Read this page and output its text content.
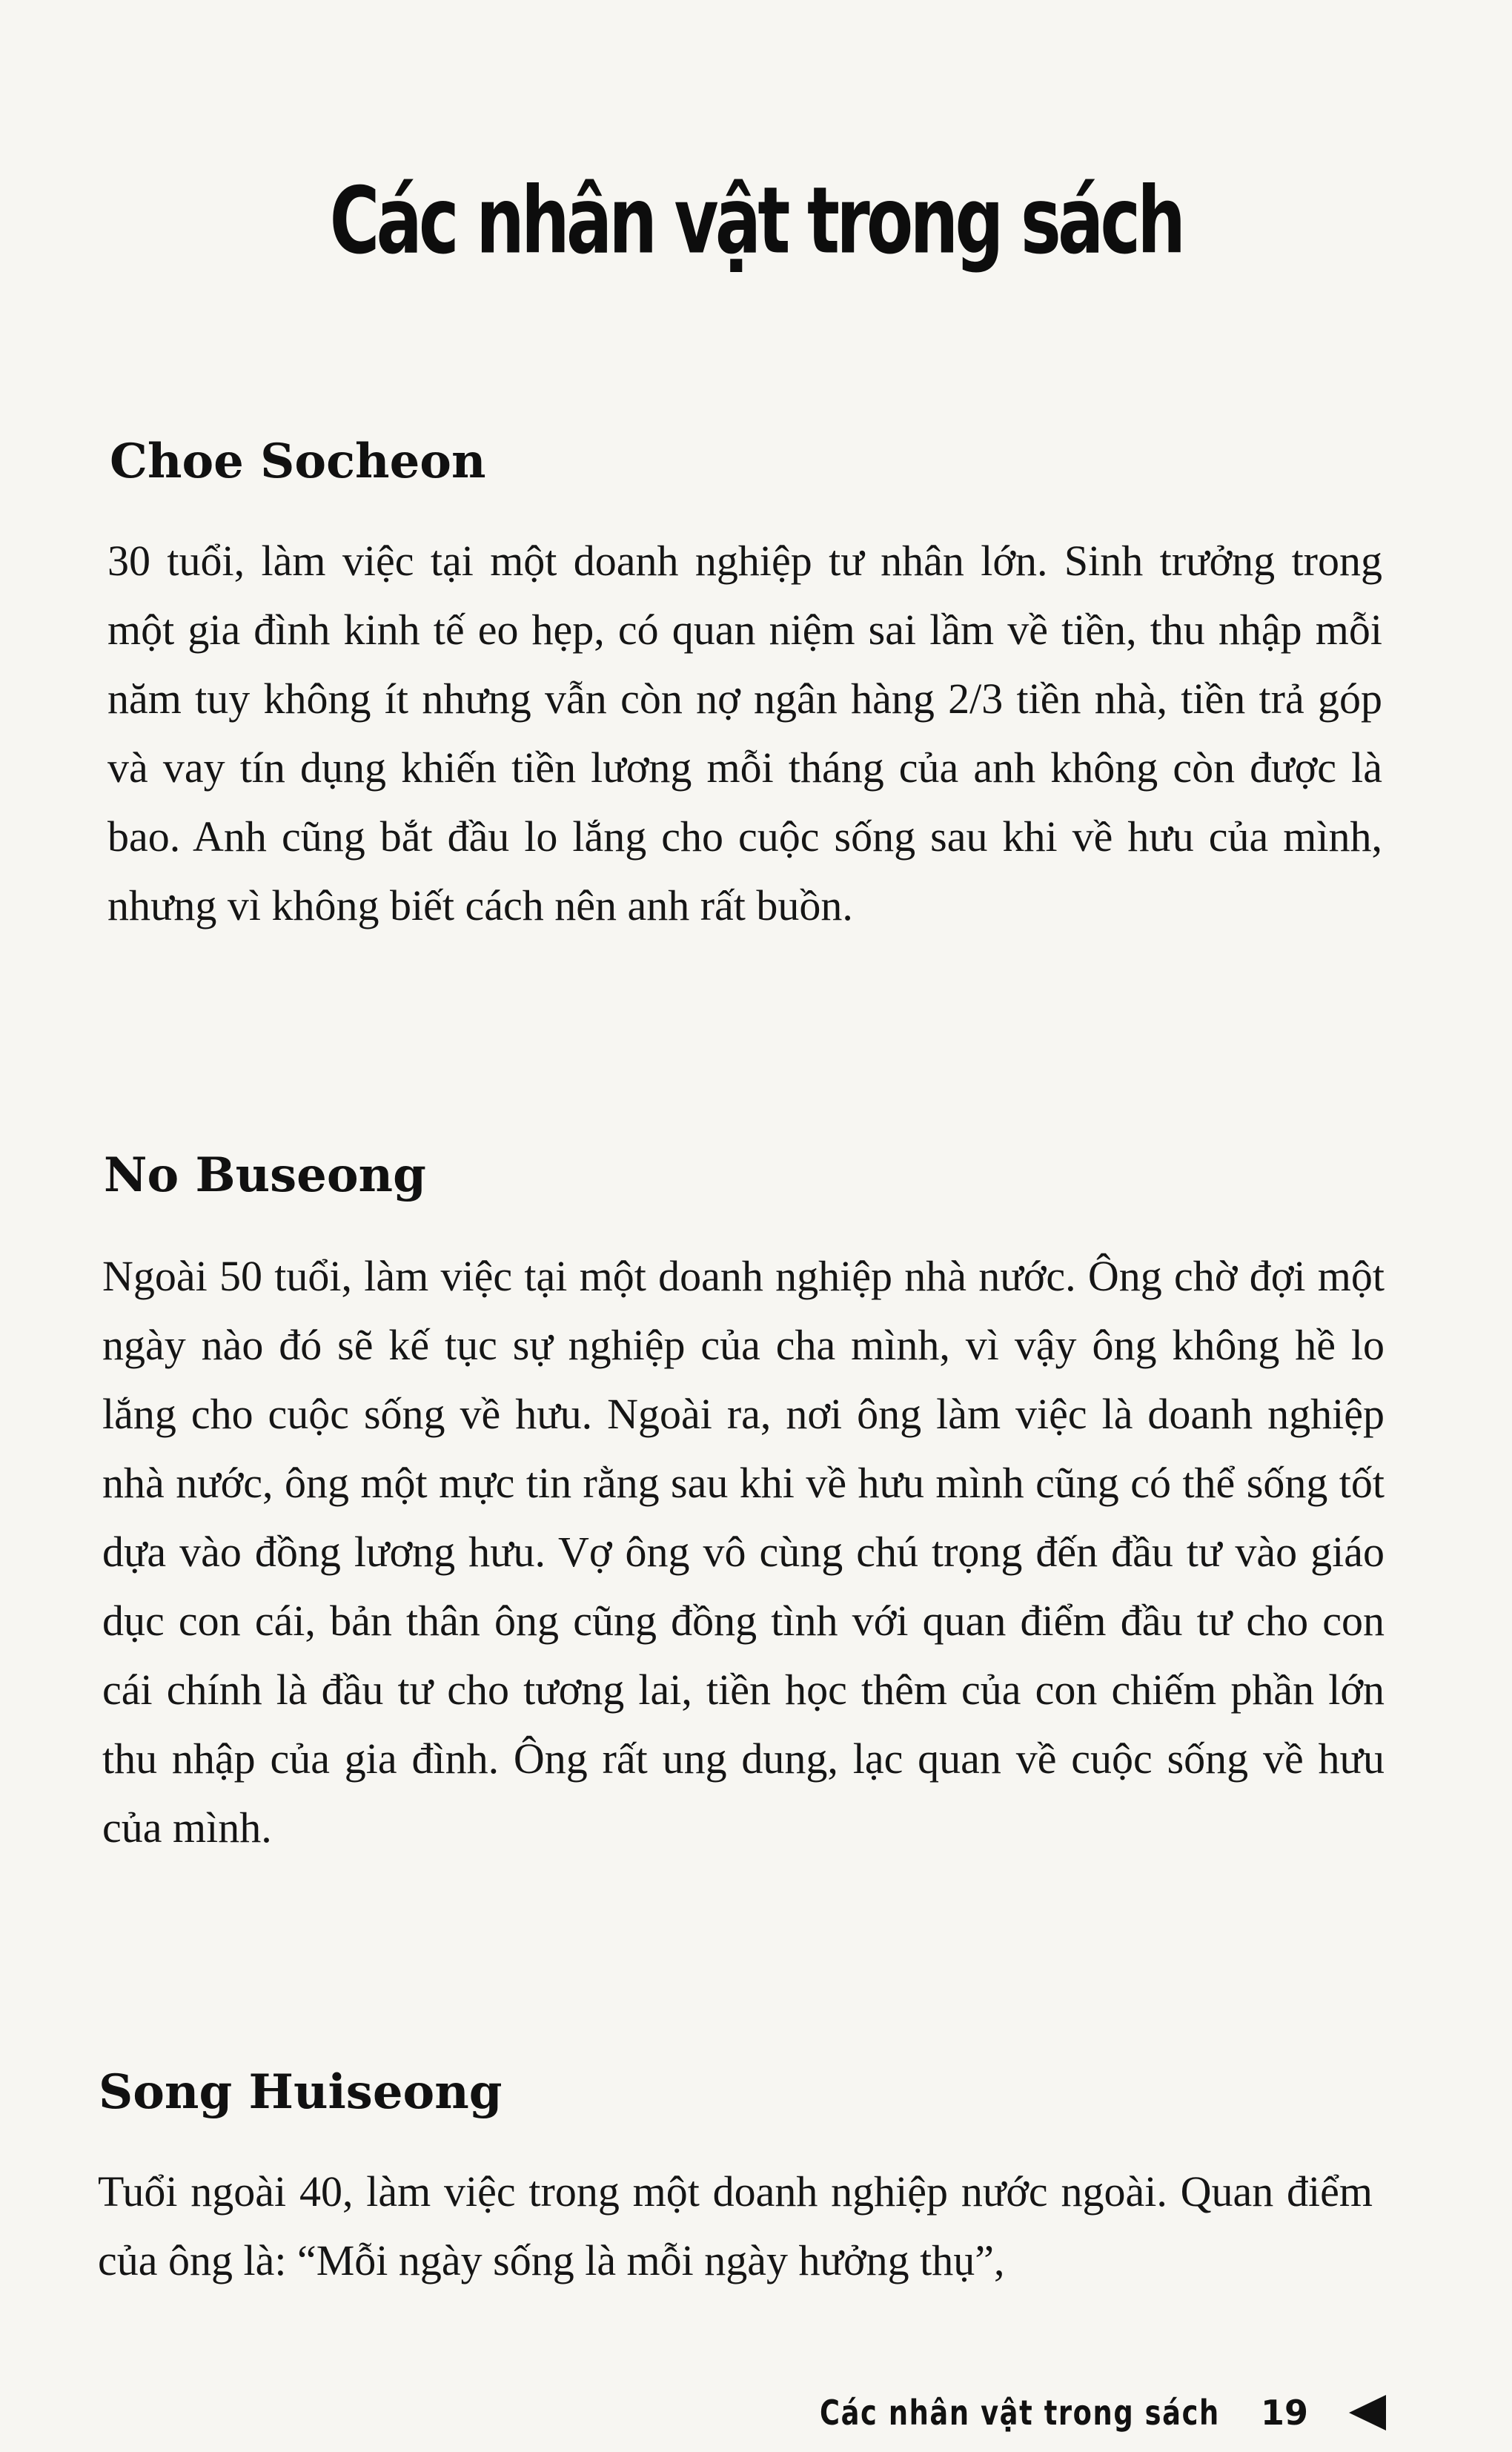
Các nhân vật trong sách
Choe Socheon

30 tuổi, làm việc tại một doanh nghiệp tư nhân lớn. Sinh trưởng trong một gia đình kinh tế eo hẹp, có quan niệm sai lầm về tiền, thu nhập mỗi năm tuy không ít nhưng vẫn còn nợ ngân hàng 2/3 tiền nhà, tiền trả góp và vay tín dụng khiến tiền lương mỗi tháng của anh không còn được là bao. Anh cũng bắt đầu lo lắng cho cuộc sống sau khi về hưu của mình, nhưng vì không biết cách nên anh rất buồn.

No Buseong

Ngoài 50 tuổi, làm việc tại một doanh nghiệp nhà nước. Ông chờ đợi một ngày nào đó sẽ kế tục sự nghiệp của cha mình, vì vậy ông không hề lo lắng cho cuộc sống về hưu. Ngoài ra, nơi ông làm việc là doanh nghiệp nhà nước, ông một mực tin rằng sau khi về hưu mình cũng có thể sống tốt dựa vào đồng lương hưu. Vợ ông vô cùng chú trọng đến đầu tư vào giáo dục con cái, bản thân ông cũng đồng tình với quan điểm đầu tư cho con cái chính là đầu tư cho tương lai, tiền học thêm của con chiếm phần lớn thu nhập của gia đình. Ông rất ung dung, lạc quan về cuộc sống về hưu của mình.

Song Huiseong

Tuổi ngoài 40, làm việc trong một doanh nghiệp nước ngoài. Quan điểm của ông là: “Mỗi ngày sống là mỗi ngày hưởng thụ”,

Các nhân vật trong sách 19
